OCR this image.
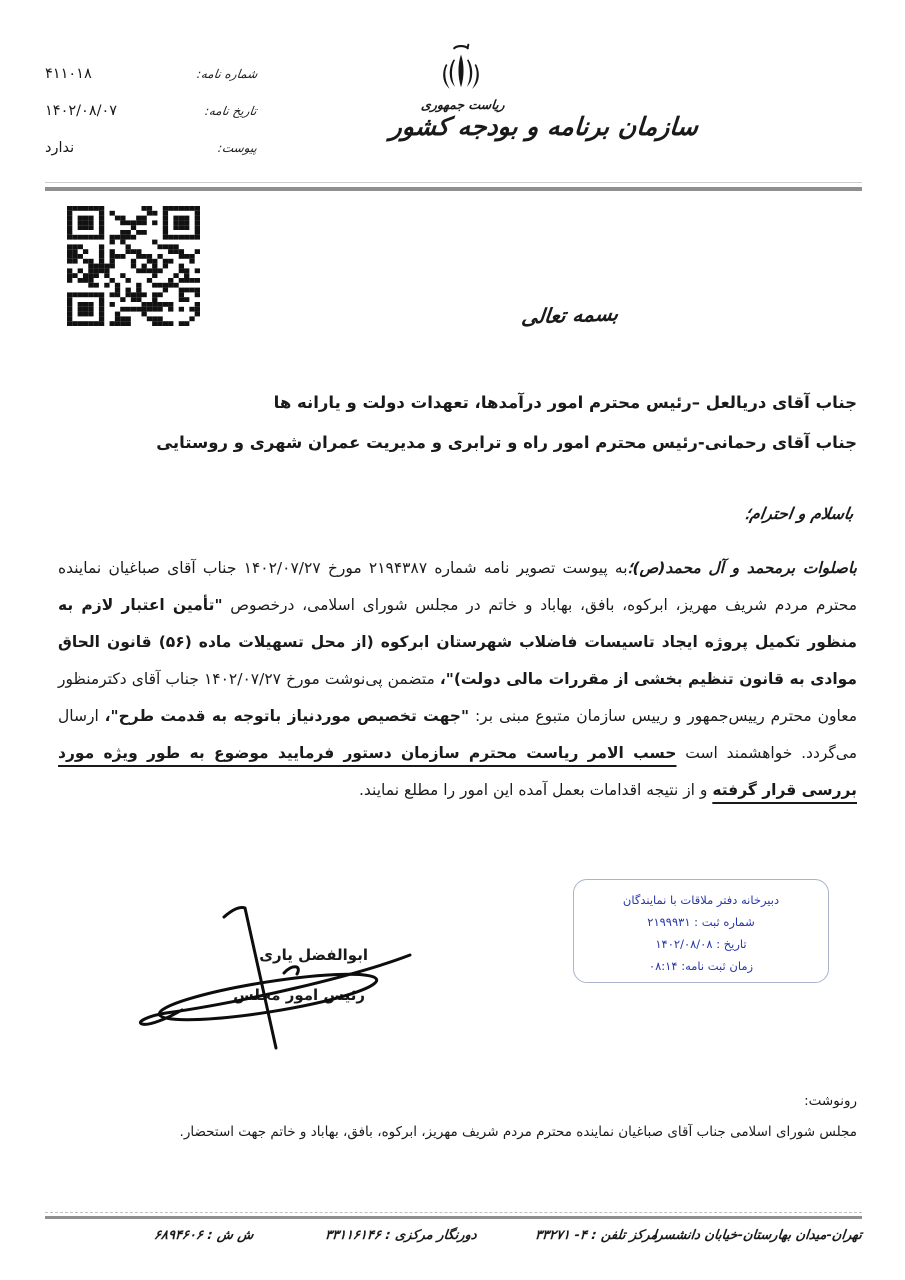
شماره نامه:
۴۱۱۰۱۸
تاریخ نامه:
۱۴۰۲/۰۸/۰۷
پیوست:
ندارد
ریاست جمهوری
سازمان برنامه و بودجه کشور
بسمه تعالی
جناب آقای دریالعل –رئیس محترم امور درآمدها، تعهدات دولت و یارانه ها
جناب آقای رحمانی-رئیس محترم امور راه و ترابری و مدیریت عمران شهری و روستایی
باسلام و احترام؛
باصلوات برمحمد و آل محمد(ص)؛به پیوست تصویر نامه شماره ۲۱۹۴۳۸۷ مورخ ۱۴۰۲/۰۷/۲۷ جناب آقای صباغیان نماینده محترم مردم شریف مهریز، ابرکوه، بافق، بهاباد و خاتم در مجلس شورای اسلامی، درخصوص "تأمین اعتبار لازم به منظور تکمیل پروژه ایجاد تاسیسات فاضلاب شهرستان ابرکوه (از محل تسهیلات ماده (۵۶) قانون الحاق موادی به قانون تنظیم بخشی از مقررات مالی دولت)"، متضمن پی‌نوشت مورخ ۱۴۰۲/۰۷/۲۷ جناب آقای دکترمنظور معاون محترم رییس‌جمهور و رییس سازمان متبوع مبنی بر: "جهت تخصیص موردنیاز باتوجه به قدمت طرح"، ارسال می‌گردد. خواهشمند است حسب الامر ریاست محترم سازمان دستور فرمایید موضوع به طور ویژه مورد بررسی قرار گرفته و از نتیجه اقدامات بعمل آمده این امور را مطلع نمایند.
دبیرخانه دفتر ملاقات با نمایندگان
شماره ثبت : ۲۱۹۹۹۳۱
تاریخ : ۱۴۰۲/۰۸/۰۸
زمان ثبت نامه: ۰۸:۱۴
ابوالفضل یاری
رئیس امور مجلس
رونوشت:
مجلس شورای اسلامی جناب آقای صباغیان نماینده محترم مردم شریف مهریز، ابرکوه، بافق، بهاباد و خاتم جهت استحضار.
تهران-میدان بهارستان-خیابان دانشسرا
مرکز تلفن : ۴- ۳۳۲۷۱
دورنگار مرکزی : ۳۳۱۱۶۱۴۶
ش ش : ۶۸۹۴۶۰۶
